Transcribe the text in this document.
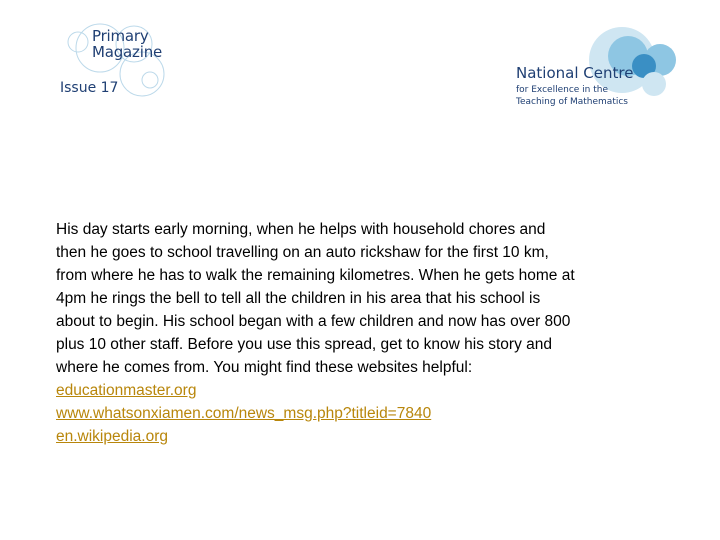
Primary
Magazine
Issue 17
National Centre
for Excellence in the
Teaching of Mathematics

His day starts early morning, when he helps with household chores and then he goes to school travelling on an auto rickshaw for the first 10 km, from where he has to walk the remaining kilometres. When he gets home at 4pm he rings the bell to tell all the children in his area that his school is about to begin. His school began with a few children and now has over 800 plus 10 other staff. Before you use this spread, get to know his story and where he comes from. You might find these websites helpful:

educationmaster.org
www.whatsonxiamen.com/news_msg.php?titleid=7840
en.wikipedia.org
